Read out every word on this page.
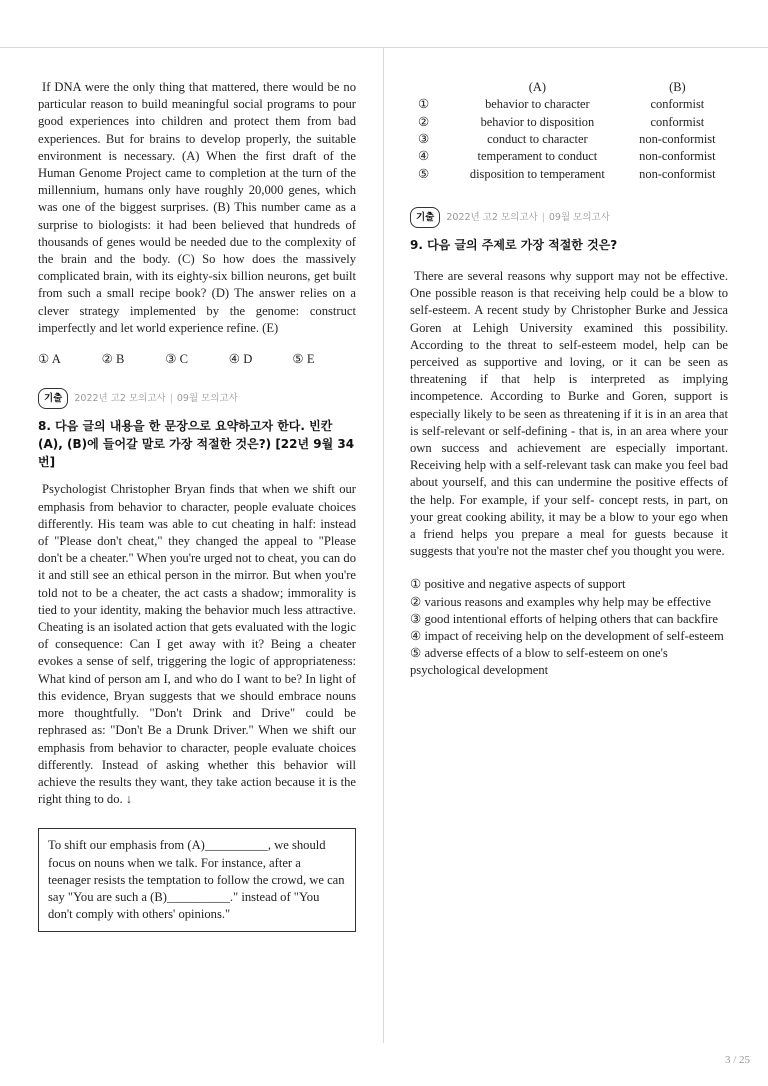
If DNA were the only thing that mattered, there would be no particular reason to build meaningful social programs to pour good experiences into children and protect them from bad experiences. But for brains to develop properly, the suitable environment is necessary. (A) When the first draft of the Human Genome Project came to completion at the turn of the millennium, humans only have roughly 20,000 genes, which was one of the biggest surprises. (B) This number came as a surprise to biologists: it had been believed that hundreds of thousands of genes would be needed due to the complexity of the brain and the body. (C) So how does the massively complicated brain, with its eighty-six billion neurons, get built from such a small recipe book? (D) The answer relies on a clever strategy implemented by the genome: construct imperfectly and let world experience refine. (E)

① A	② B	③ C	④ D	⑤ E
기출	2022년 고2 모의고사 | 09월 모의고사
8. 다음 글의 내용을 한 문장으로 요약하고자 한다. 빈칸 (A), (B)에 들어갈 말로 가장 적절한 것은?) [22년 9월 34번]

Psychologist Christopher Bryan finds that when we shift our emphasis from behavior to character, people evaluate choices differently. His team was able to cut cheating in half: instead of "Please don't cheat," they changed the appeal to "Please don't be a cheater." When you're urged not to cheat, you can do it and still see an ethical person in the mirror. But when you're told not to be a cheater, the act casts a shadow; immorality is tied to your identity, making the behavior much less attractive. Cheating is an isolated action that gets evaluated with the logic of consequence: Can I get away with it? Being a cheater evokes a sense of self, triggering the logic of appropriateness: What kind of person am I, and who do I want to be? In light of this evidence, Bryan suggests that we should embrace nouns more thoughtfully. "Don't Drink and Drive" could be rephrased as: "Don't Be a Drunk Driver." When we shift our emphasis from behavior to character, people evaluate choices differently. Instead of asking whether this behavior will achieve the results they want, they take action because it is the right thing to do. ↓

To shift our emphasis from (A)__________, we should focus on nouns when we talk. For instance, after a teenager resists the temptation to follow the crowd, we can say "You are such a (B)__________." instead of "You don't comply with others' opinions."
	(A)	(B)
①	behavior to character	conformist
②	behavior to disposition	conformist
③	conduct to character	non-conformist
④	temperament to conduct	non-conformist
⑤	disposition to temperament	non-conformist
기출	2022년 고2 모의고사 | 09월 모의고사
9. 다음 글의 주제로 가장 적절한 것은?

There are several reasons why support may not be effective. One possible reason is that receiving help could be a blow to self-esteem. A recent study by Christopher Burke and Jessica Goren at Lehigh University examined this possibility. According to the threat to self-esteem model, help can be perceived as supportive and loving, or it can be seen as threatening if that help is interpreted as implying incompetence. According to Burke and Goren, support is especially likely to be seen as threatening if it is in an area that is self-relevant or self-defining - that is, in an area where your own success and achievement are especially important. Receiving help with a self-relevant task can make you feel bad about yourself, and this can undermine the positive effects of the help. For example, if your self- concept rests, in part, on your great cooking ability, it may be a blow to your ego when a friend helps you prepare a meal for guests because it suggests that you're not the master chef you thought you were.

① positive and negative aspects of support
② various reasons and examples why help may be effective
③ good intentional efforts of helping others that can backfire
④ impact of receiving help on the development of self-esteem
⑤ adverse effects of a blow to self-esteem on one's psychological development
3 / 25
